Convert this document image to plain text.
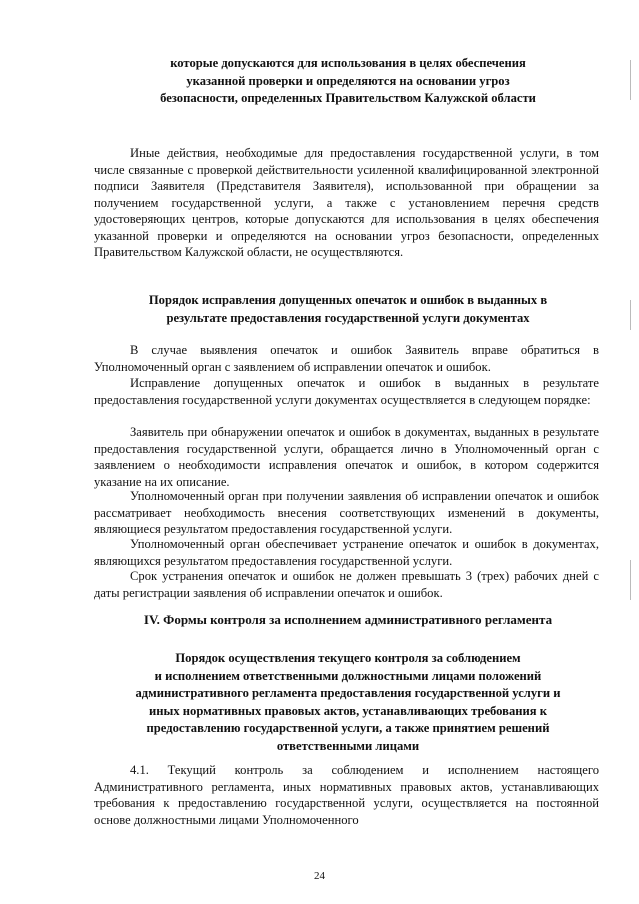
которые допускаются для использования в целях обеспечения
указанной проверки и определяются на основании угроз
безопасности, определенных Правительством Калужской области
Иные действия, необходимые для предоставления государственной услуги, в том числе связанные с проверкой действительности усиленной квалифицированной электронной подписи Заявителя (Представителя Заявителя), использованной при обращении за получением государственной услуги, а также с установлением перечня средств удостоверяющих центров, которые допускаются для использования в целях обеспечения указанной проверки и определяются на основании угроз безопасности, определенных Правительством Калужской области, не осуществляются.
Порядок исправления допущенных опечаток и ошибок в выданных в
результате предоставления государственной услуги документах
В случае выявления опечаток и ошибок Заявитель вправе обратиться в Уполномоченный орган с заявлением об исправлении опечаток и ошибок.
Исправление допущенных опечаток и ошибок в выданных в результате предоставления государственной услуги документах осуществляется в следующем порядке:
Заявитель при обнаружении опечаток и ошибок в документах, выданных в результате предоставления государственной услуги, обращается лично в Уполномоченный орган с заявлением о необходимости исправления опечаток и ошибок, в котором содержится указание на их описание.
Уполномоченный орган при получении заявления об исправлении опечаток и ошибок рассматривает необходимость внесения соответствующих изменений в документы, являющиеся результатом предоставления государственной услуги.
Уполномоченный орган обеспечивает устранение опечаток и ошибок в документах, являющихся результатом предоставления государственной услуги.
Срок устранения опечаток и ошибок не должен превышать 3 (трех) рабочих дней с даты регистрации заявления об исправлении опечаток и ошибок.
IV. Формы контроля за исполнением административного регламента
Порядок осуществления текущего контроля за соблюдением
и исполнением ответственными должностными лицами положений
административного регламента предоставления государственной услуги и
иных нормативных правовых актов, устанавливающих требования к
предоставлению государственной услуги, а также принятием решений
ответственными лицами
4.1. Текущий контроль за соблюдением и исполнением настоящего Административного регламента, иных нормативных правовых актов, устанавливающих требования к предоставлению государственной услуги, осуществляется на постоянной основе должностными лицами Уполномоченного
24
